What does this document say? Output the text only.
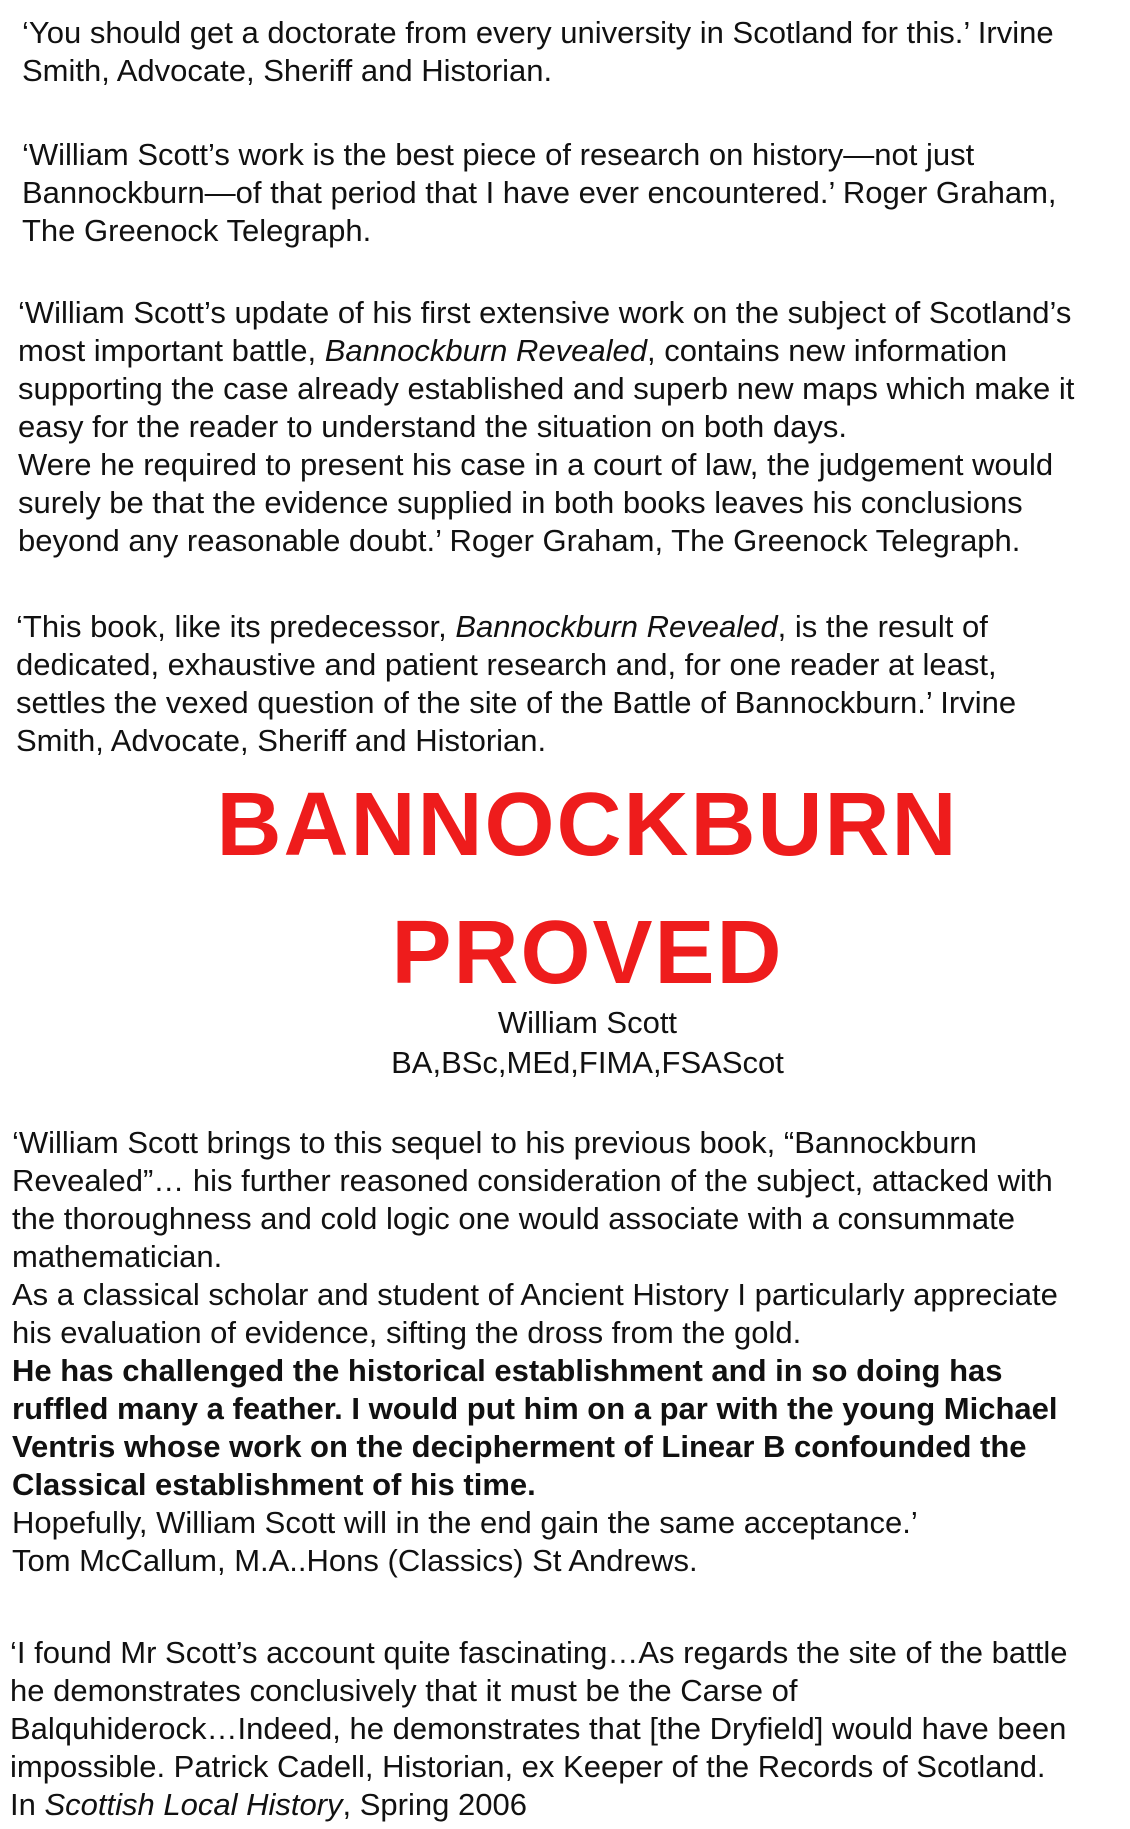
‘You should get a doctorate from every university in Scotland for this.’ Irvine
Smith, Advocate, Sheriff and Historian.
‘William Scott’s work is the best piece of research on history—not just
Bannockburn—of that period that I have ever encountered.’ Roger Graham,
The Greenock Telegraph.
‘William Scott’s update of his first extensive work on the subject of Scotland’s
most important battle, Bannockburn Revealed, contains new information
supporting the case already established and superb new maps which make it
easy for the reader to understand the situation on both days.
Were he required to present his case in a court of law, the judgement would
surely be that the evidence supplied in both books leaves his conclusions
beyond any reasonable doubt.’ Roger Graham, The Greenock Telegraph.
‘This book, like its predecessor, Bannockburn Revealed, is the result of
dedicated, exhaustive and patient research and, for one reader at least,
settles the vexed question of the site of the Battle of Bannockburn.’ Irvine
Smith, Advocate, Sheriff and Historian.
BANNOCKBURN
PROVED
William Scott
BA,BSc,MEd,FIMA,FSAScot
‘William Scott brings to this sequel to his previous book, “Bannockburn
Revealed”… his further reasoned consideration of the subject, attacked with
the thoroughness and cold logic one would associate with a consummate
mathematician.
As a classical scholar and student of Ancient History I particularly appreciate
his evaluation of evidence, sifting the dross from the gold.
He has challenged the historical establishment and in so doing has
ruffled many a feather. I would put him on a par with the young Michael
Ventris whose work on the decipherment of Linear B confounded the
Classical establishment of his time.
Hopefully, William Scott will in the end gain the same acceptance.’
Tom McCallum, M.A..Hons (Classics) St Andrews.
‘I found Mr Scott’s account quite fascinating…As regards the site of the battle
he demonstrates conclusively that it must be the Carse of
Balquhiderock…Indeed, he demonstrates that [the Dryfield] would have been
impossible. Patrick Cadell, Historian, ex Keeper of the Records of Scotland.
In Scottish Local History, Spring 2006
